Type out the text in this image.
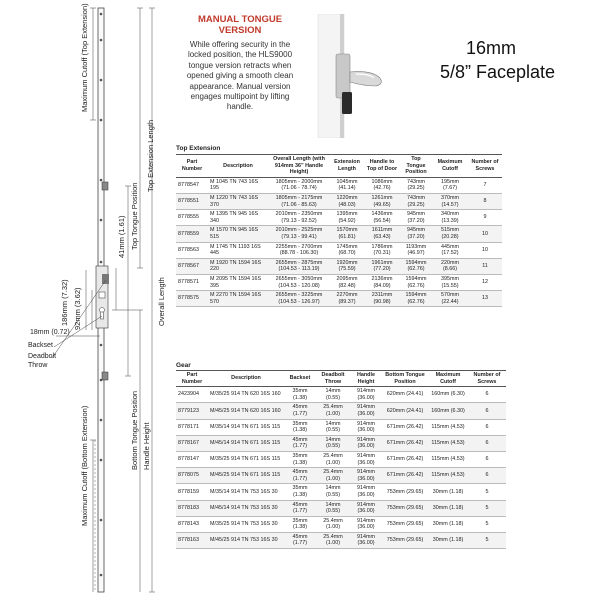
Maximum Cutoff (Top Extension)
Top Extension Length
Top Tongue Position
Overall Length
41mm (1.61)
186mm (7.32) 92mm (3.62)
18mm (0.72)
Backset
Deadbolt Throw
Bottom Tongue Position Handle Height
Maximum Cutoff (Bottom Extension)
MANUAL TONGUE
VERSION
While offering security in the locked position, the HLS9000 tongue version retracts when opened giving a smooth clean appearance. Manual version engages multipoint by lifting handle.
16mm
5/8” Faceplate
Top Extension
Part Number	Description	Overall Length (with 914mm 36” Handle Height)	Extension Length	Handle to Top of Door	Top Tongue Position	Maximum Cutoff	Number of Screws
8778547	M 1045 TN 743 16S 195	1805mm - 2000mm (71.06 - 78.74)	1045mm (41.14)	1086mm (42.76)	743mm (29.25)	195mm (7.67)	7
8778551	M 1220 TN 743 16S 370	1805mm - 2175mm (71.06 - 85.63)	1220mm (48.03)	1261mm (49.65)	743mm (29.25)	370mm (14.57)	8
8778555	M 1395 TN 945 16S 340	2010mm - 2350mm (79.13 - 92.52)	1395mm (54.92)	1436mm (56.54)	945mm (37.20)	340mm (13.39)	9
8778559	M 1570 TN 945 16S 515	2010mm - 2525mm (79.13 - 99.41)	1570mm (61.81)	1611mm (63.43)	945mm (37.20)	515mm (20.28)	10
8778563	M 1745 TN 1193 16S 445	2255mm - 2700mm (88.78 - 106.30)	1745mm (68.70)	1786mm (70.31)	1193mm (46.97)	445mm (17.52)	10
8778567	M 1920 TN 1594 16S 220	2655mm - 2875mm (104.53 - 113.19)	1920mm (75.59)	1961mm (77.20)	1594mm (62.76)	220mm (8.66)	11
8778571	M 2095 TN 1594 16S 395	2655mm - 3050mm (104.53 - 120.08)	2095mm (82.48)	2136mm (84.09)	1594mm (62.76)	395mm (15.55)	12
8778575	M 2270 TN 1594 16S 570	2655mm - 3225mm (104.53 - 126.97)	2270mm (89.37)	2311mm (90.98)	1594mm (62.76)	570mm (22.44)	13
Gear
Part Number	Description	Backset	Deadbolt Throw	Handle Height	Bottom Tongue Position	Maximum Cutoff	Number of Screws
2423904	M/35/25 914 TN 620 16S 160	35mm (1.38)	14mm (0.55)	914mm (36.00)	620mm (24.41)	160mm (6.30)	6
8779123	M/45/25 914 TN 620 16S 160	45mm (1.77)	25.4mm (1.00)	914mm (36.00)	620mm (24.41)	160mm (6.30)	6
8778171	M/35/14 914 TN 671 16S 115	35mm (1.38)	14mm (0.55)	914mm (36.00)	671mm (26.42)	115mm (4.53)	6
8778167	M/45/14 914 TN 671 16S 115	45mm (1.77)	14mm (0.55)	914mm (36.00)	671mm (26.42)	115mm (4.53)	6
8778147	M/35/25 914 TN 671 16S 115	35mm (1.38)	25.4mm (1.00)	914mm (36.00)	671mm (26.42)	115mm (4.53)	6
8778075	M/45/25 914 TN 671 16S 115	45mm (1.77)	25.4mm (1.00)	914mm (36.00)	671mm (26.42)	115mm (4.53)	6
8778159	M/35/14 914 TN 753 16S 30	35mm (1.38)	14mm (0.55)	914mm (36.00)	753mm (29.65)	30mm (1.18)	5
8778183	M/45/14 914 TN 753 16S 30	45mm (1.77)	14mm (0.55)	914mm (36.00)	753mm (29.65)	30mm (1.18)	5
8778143	M/35/25 914 TN 753 16S 30	35mm (1.38)	25.4mm (1.00)	914mm (36.00)	753mm (29.65)	30mm (1.18)	5
8778163	M/45/25 914 TN 753 16S 30	45mm (1.77)	25.4mm (1.00)	914mm (36.00)	753mm (29.65)	30mm (1.18)	5
